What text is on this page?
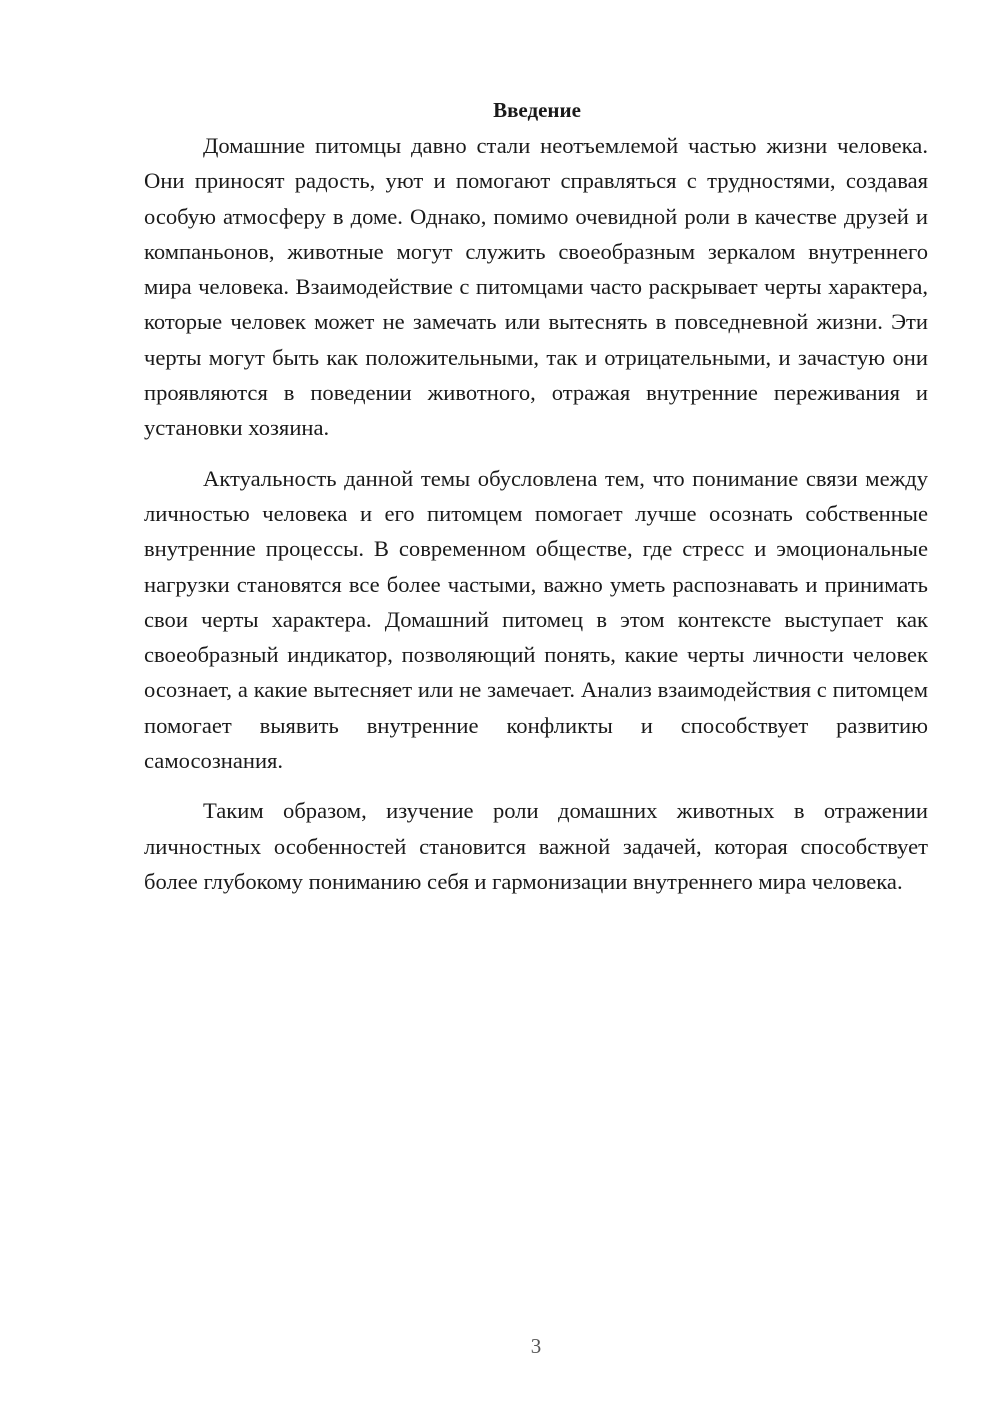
Введение

Домашние питомцы давно стали неотъемлемой частью жизни человека. Они приносят радость, уют и помогают справляться с трудностями, создавая особую атмосферу в доме. Однако, помимо очевидной роли в качестве друзей и компаньонов, животные могут служить своеобразным зеркалом внутреннего мира человека. Взаимодействие с питомцами часто раскрывает черты характера, которые человек может не замечать или вытеснять в повседневной жизни. Эти черты могут быть как положительными, так и отрицательными, и зачастую они проявляются в поведении животного, отражая внутренние переживания и установки хозяина.

Актуальность данной темы обусловлена тем, что понимание связи между личностью человека и его питомцем помогает лучше осознать собственные внутренние процессы. В современном обществе, где стресс и эмоциональные нагрузки становятся все более частыми, важно уметь распознавать и принимать свои черты характера. Домашний питомец в этом контексте выступает как своеобразный индикатор, позволяющий понять, какие черты личности человек осознает, а какие вытесняет или не замечает. Анализ взаимодействия с питомцем помогает выявить внутренние конфликты и способствует развитию самосознания.

Таким образом, изучение роли домашних животных в отражении личностных особенностей становится важной задачей, которая способствует более глубокому пониманию себя и гармонизации внутреннего мира человека.

3
